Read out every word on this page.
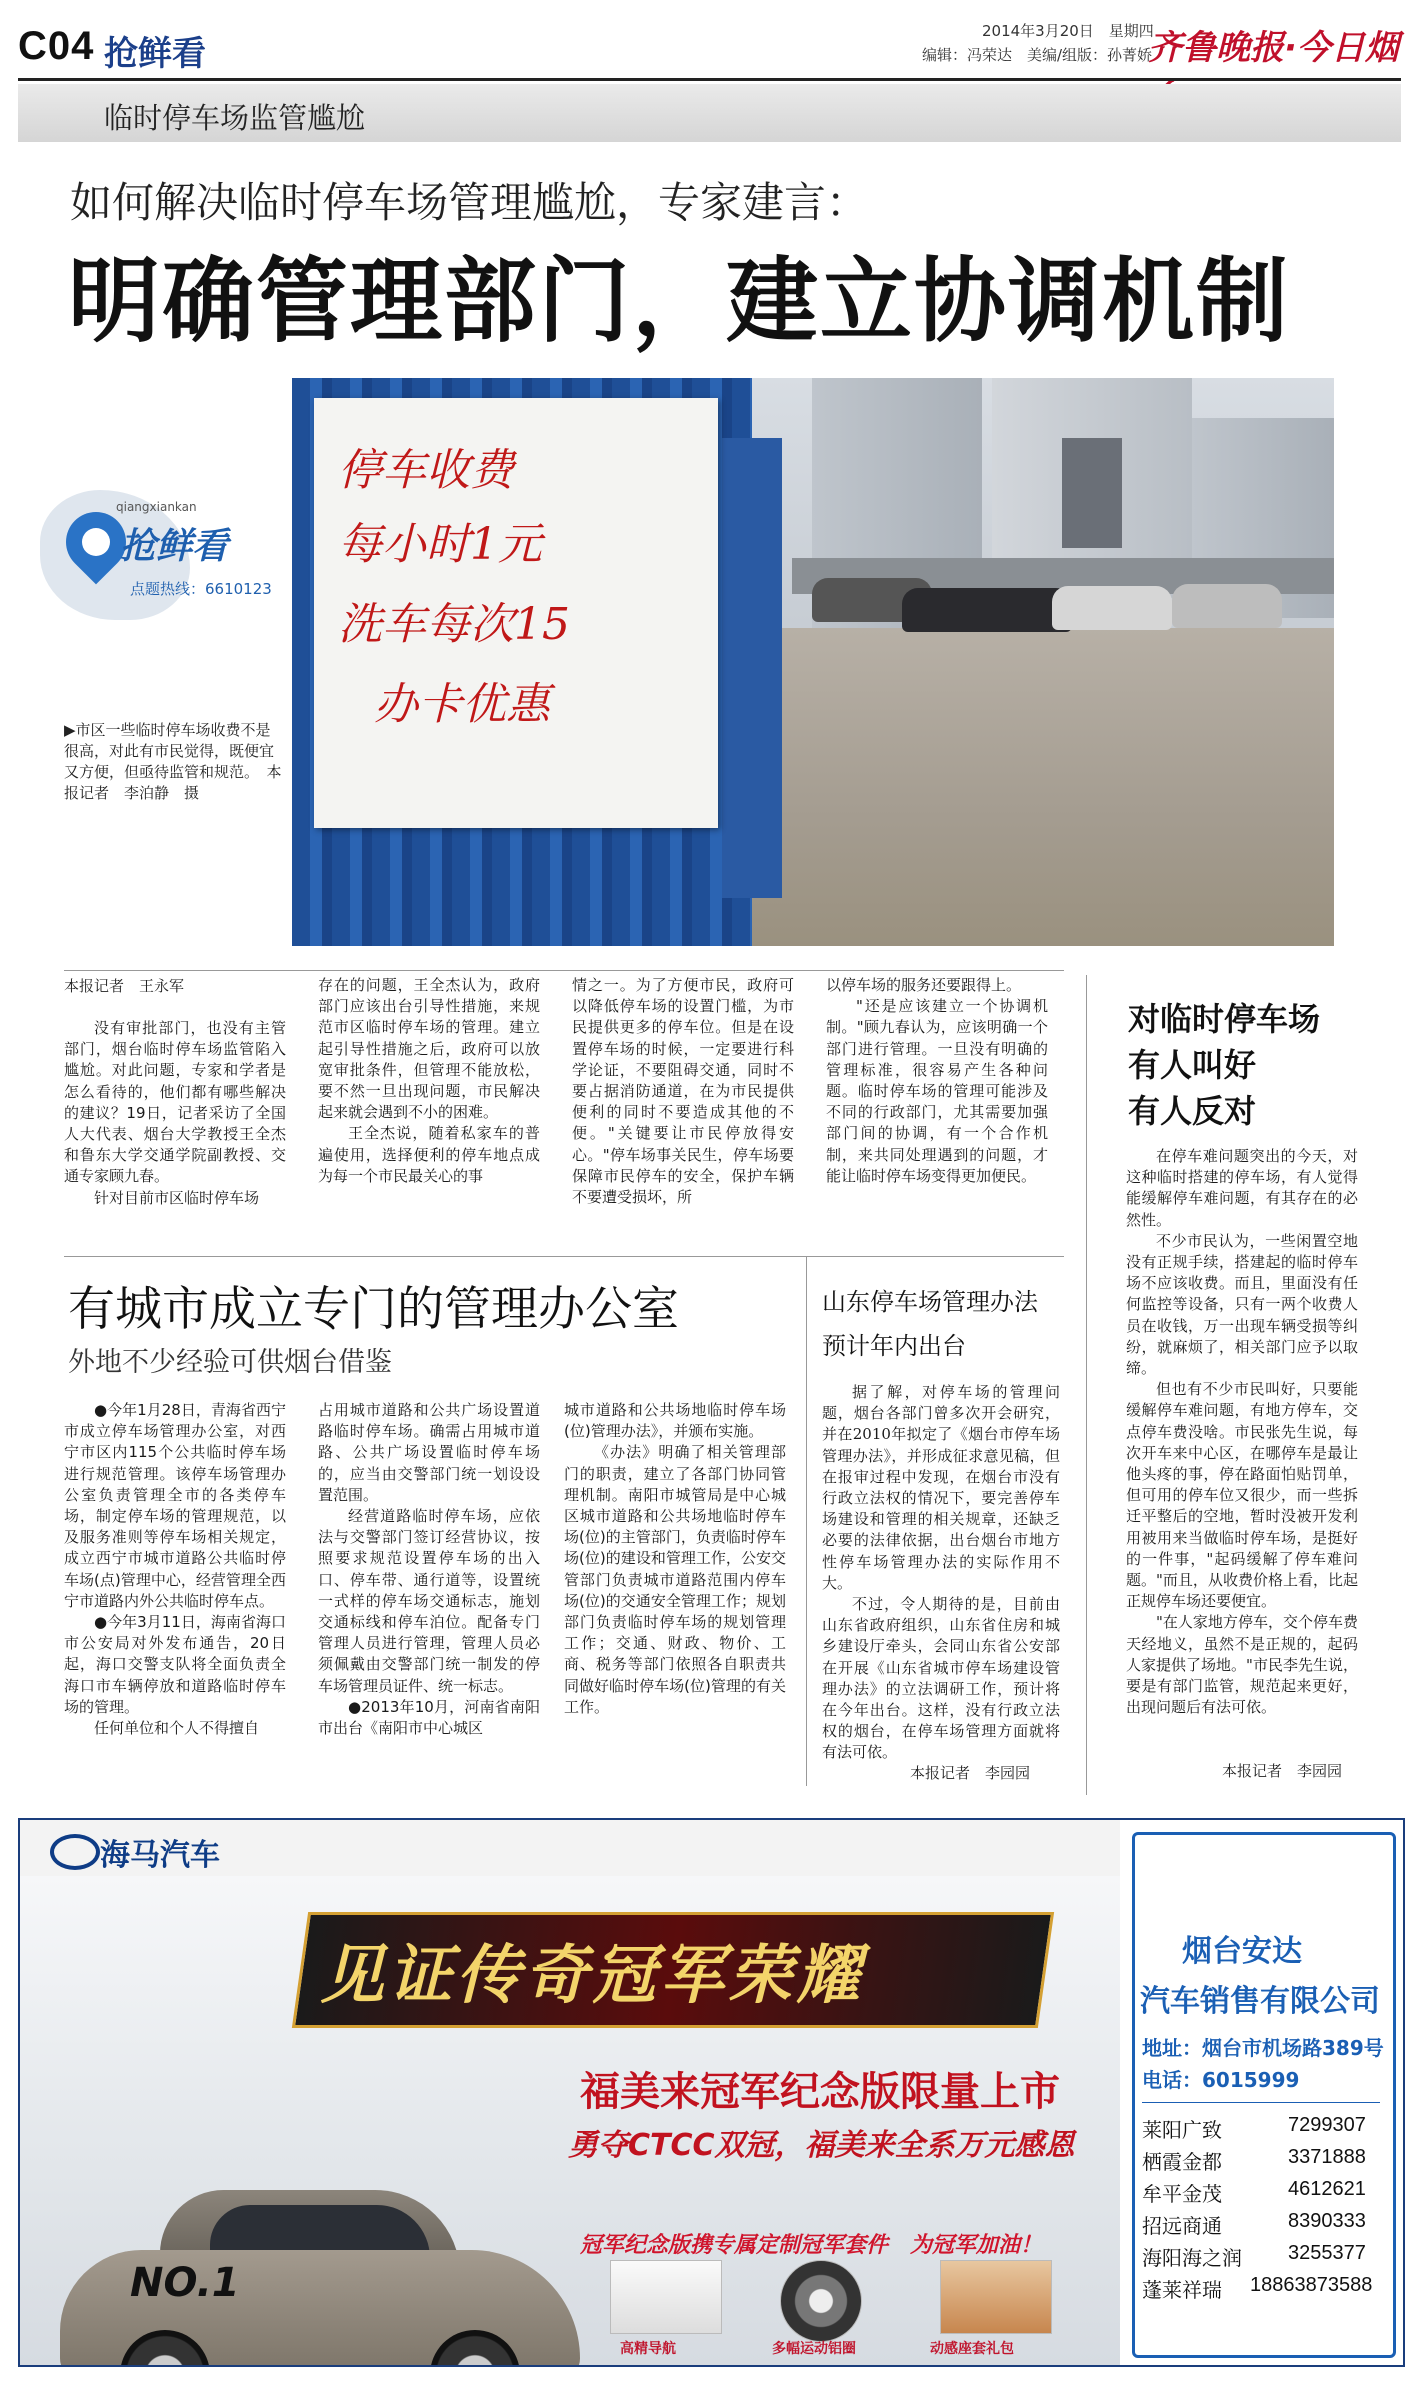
C04 抢鲜看
2014年3月20日　星期四
编辑：冯荣达　美编/组版：孙菁娇
齐鲁晚报·今日烟
临时停车场监管尴尬
如何解决临时停车场管理尴尬，专家建言：
明确管理部门，建立协调机制
停车收费
每小时1元
洗车每次15
办卡优惠
qiangxiankan
抢鲜看
点题热线：6610123
▶市区一些临时停车场收费不是很高，对此有市民觉得，既便宜又方便，但亟待监管和规范。　本报记者　李泊静　摄
本报记者　王永军

没有审批部门，也没有主管部门，烟台临时停车场监管陷入尴尬。对此问题，专家和学者是怎么看待的，他们都有哪些解决的建议？19日，记者采访了全国人大代表、烟台大学教授王全杰和鲁东大学交通学院副教授、交通专家顾九春。

针对目前市区临时停车场

存在的问题，王全杰认为，政府部门应该出台引导性措施，来规范市区临时停车场的管理。建立起引导性措施之后，政府可以放宽审批条件，但管理不能放松，要不然一旦出现问题，市民解决起来就会遇到不小的困难。

王全杰说，随着私家车的普遍使用，选择便利的停车地点成为每一个市民最关心的事

情之一。为了方便市民，政府可以降低停车场的设置门槛，为市民提供更多的停车位。但是在设置停车场的时候，一定要进行科学论证，不要阻碍交通，同时不要占据消防通道，在为市民提供便利的同时不要造成其他的不便。"关键要让市民停放得安心。"停车场事关民生，停车场要保障市民停车的安全，保护车辆不要遭受损坏，所

以停车场的服务还要跟得上。

"还是应该建立一个协调机制。"顾九春认为，应该明确一个部门进行管理。一旦没有明确的管理标准，很容易产生各种问题。临时停车场的管理可能涉及不同的行政部门，尤其需要加强部门间的协调，有一个合作机制，来共同处理遇到的问题，才能让临时停车场变得更加便民。

对临时停车场
有人叫好
有人反对

在停车难问题突出的今天，对这种临时搭建的停车场，有人觉得能缓解停车难问题，有其存在的必然性。

不少市民认为，一些闲置空地没有正规手续，搭建起的临时停车场不应该收费。而且，里面没有任何监控等设备，只有一两个收费人员在收钱，万一出现车辆受损等纠纷，就麻烦了，相关部门应予以取缔。

但也有不少市民叫好，只要能缓解停车难问题，有地方停车，交点停车费没啥。市民张先生说，每次开车来中心区，在哪停车是最让他头疼的事，停在路面怕贴罚单，但可用的停车位又很少，而一些拆迁平整后的空地，暂时没被开发利用被用来当做临时停车场，是挺好的一件事，"起码缓解了停车难问题。"而且，从收费价格上看，比起正规停车场还要便宜。

"在人家地方停车，交个停车费天经地义，虽然不是正规的，起码人家提供了场地。"市民李先生说，要是有部门监管，规范起来更好，出现问题后有法可依。

本报记者　李园园
有城市成立专门的管理办公室
外地不少经验可供烟台借鉴

●今年1月28日，青海省西宁市成立停车场管理办公室，对西宁市区内115个公共临时停车场进行规范管理。该停车场管理办公室负责管理全市的各类停车场，制定停车场的管理规范，以及服务准则等停车场相关规定，成立西宁市城市道路公共临时停车场(点)管理中心，经营管理全西宁市道路内外公共临时停车点。

●今年3月11日，海南省海口市公安局对外发布通告，20日起，海口交警支队将全面负责全海口市车辆停放和道路临时停车场的管理。

任何单位和个人不得擅自

占用城市道路和公共广场设置道路临时停车场。确需占用城市道路、公共广场设置临时停车场的，应当由交警部门统一划设设置范围。

经营道路临时停车场，应依法与交警部门签订经营协议，按照要求规范设置停车场的出入口、停车带、通行道等，设置统一式样的停车场交通标志，施划交通标线和停车泊位。配备专门管理人员进行管理，管理人员必须佩戴由交警部门统一制发的停车场管理员证件、统一标志。

●2013年10月，河南省南阳市出台《南阳市中心城区

城市道路和公共场地临时停车场(位)管理办法》，并颁布实施。

《办法》明确了相关管理部门的职责，建立了各部门协同管理机制。南阳市城管局是中心城区城市道路和公共场地临时停车场(位)的主管部门，负责临时停车场(位)的建设和管理工作，公安交管部门负责城市道路范围内停车场(位)的交通安全管理工作；规划部门负责临时停车场的规划管理工作；交通、财政、物价、工商、税务等部门依照各自职责共同做好临时停车场(位)管理的有关工作。

山东停车场管理办法
预计年内出台

据了解，对停车场的管理问题，烟台各部门曾多次开会研究，并在2010年拟定了《烟台市停车场管理办法》，并形成征求意见稿，但在报审过程中发现，在烟台市没有行政立法权的情况下，要完善停车场建设和管理的相关规章，还缺乏必要的法律依据，出台烟台市地方性停车场管理办法的实际作用不大。

不过，令人期待的是，目前由山东省政府组织，山东省住房和城乡建设厅牵头，会同山东省公安部在开展《山东省城市停车场建设管理办法》的立法调研工作，预计将在今年出台。这样，没有行政立法权的烟台，在停车场管理方面就将有法可依。

本报记者　李园园
海马汽车
见证传奇冠军荣耀
福美来冠军纪念版限量上市
勇夺CTCC双冠，福美来全系万元感恩
NO.1
冠军纪念版携专属定制冠军套件　为冠军加油！
高精导航	多幅运动铝圈	动感座套礼包
烟台安达
汽车销售有限公司
地址：烟台市机场路389号
电话：6015999
莱阳广致	7299307
栖霞金都	3371888
牟平金茂	4612621
招远商通	8390333
海阳海之润 3255377
蓬莱祥瑞 18863873588
